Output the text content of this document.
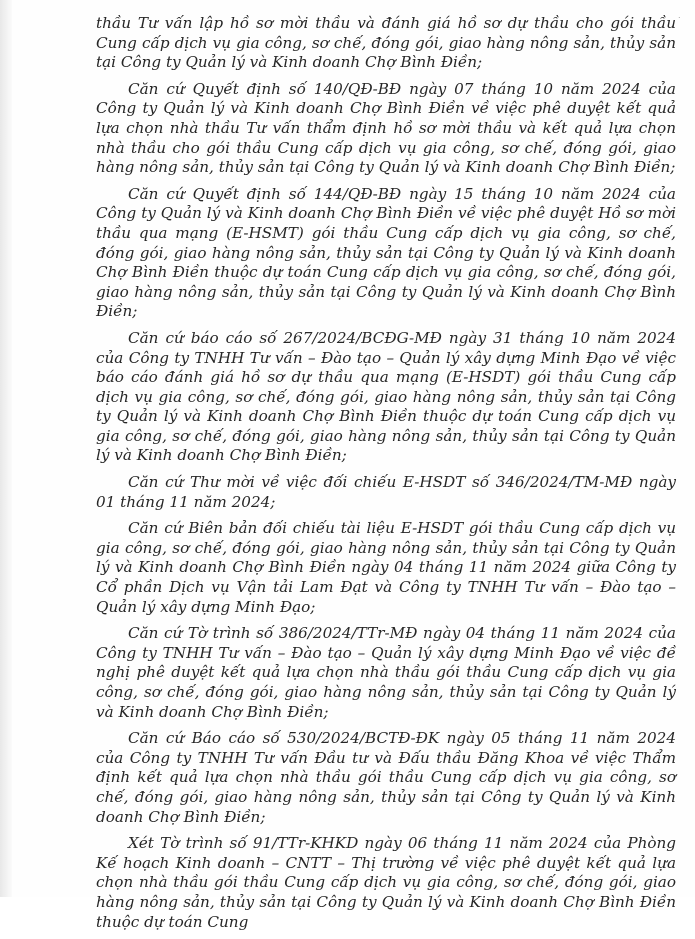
.

thầu Tư vấn lập hồ sơ mời thầu và đánh giá hồ sơ dự thầu cho gói thầu Cung cấp dịch vụ gia công, sơ chế, đóng gói, giao hàng nông sản, thủy sản tại Công ty Quản lý và Kinh doanh Chợ Bình Điền;

Căn cứ Quyết định số 140/QĐ-BĐ ngày 07 tháng 10 năm 2024 của Công ty Quản lý và Kinh doanh Chợ Bình Điền về việc phê duyệt kết quả lựa chọn nhà thầu Tư vấn thẩm định hồ sơ mời thầu và kết quả lựa chọn nhà thầu cho gói thầu Cung cấp dịch vụ gia công, sơ chế, đóng gói, giao hàng nông sản, thủy sản tại Công ty Quản lý và Kinh doanh Chợ Bình Điền;

Căn cứ Quyết định số 144/QĐ-BĐ ngày 15 tháng 10 năm 2024 của Công ty Quản lý và Kinh doanh Chợ Bình Điền về việc phê duyệt Hồ sơ mời thầu qua mạng (E-HSMT) gói thầu Cung cấp dịch vụ gia công, sơ chế, đóng gói, giao hàng nông sản, thủy sản tại Công ty Quản lý và Kinh doanh Chợ Bình Điền thuộc dự toán Cung cấp dịch vụ gia công, sơ chế, đóng gói, giao hàng nông sản, thủy sản tại Công ty Quản lý và Kinh doanh Chợ Bình Điền;

Căn cứ báo cáo số 267/2024/BCĐG-MĐ ngày 31 tháng 10 năm 2024 của Công ty TNHH Tư vấn – Đào tạo – Quản lý xây dựng Minh Đạo về việc báo cáo đánh giá hồ sơ dự thầu qua mạng (E-HSDT) gói thầu Cung cấp dịch vụ gia công, sơ chế, đóng gói, giao hàng nông sản, thủy sản tại Công ty Quản lý và Kinh doanh Chợ Bình Điền thuộc dự toán Cung cấp dịch vụ gia công, sơ chế, đóng gói, giao hàng nông sản, thủy sản tại Công ty Quản lý và Kinh doanh Chợ Bình Điền;

Căn cứ Thư mời về việc đối chiếu E-HSDT số 346/2024/TM-MĐ ngày 01 tháng 11 năm 2024;

Căn cứ Biên bản đối chiếu tài liệu E-HSDT gói thầu Cung cấp dịch vụ gia công, sơ chế, đóng gói, giao hàng nông sản, thủy sản tại Công ty Quản lý và Kinh doanh Chợ Bình Điền ngày 04 tháng 11 năm 2024 giữa Công ty Cổ phần Dịch vụ Vận tải Lam Đạt và Công ty TNHH Tư vấn – Đào tạo – Quản lý xây dựng Minh Đạo;

Căn cứ Tờ trình số 386/2024/TTr-MĐ ngày 04 tháng 11 năm 2024 của Công ty TNHH Tư vấn – Đào tạo – Quản lý xây dựng Minh Đạo về việc đề nghị phê duyệt kết quả lựa chọn nhà thầu gói thầu Cung cấp dịch vụ gia công, sơ chế, đóng gói, giao hàng nông sản, thủy sản tại Công ty Quản lý và Kinh doanh Chợ Bình Điền;

Căn cứ Báo cáo số 530/2024/BCTĐ-ĐK ngày 05 tháng 11 năm 2024 của Công ty TNHH Tư vấn Đầu tư và Đấu thầu Đăng Khoa về việc Thẩm định kết quả lựa chọn nhà thầu gói thầu Cung cấp dịch vụ gia công, sơ chế, đóng gói, giao hàng nông sản, thủy sản tại Công ty Quản lý và Kinh doanh Chợ Bình Điền;

Xét Tờ trình số 91/TTr-KHKD ngày 06 tháng 11 năm 2024 của Phòng Kế hoạch Kinh doanh – CNTT – Thị trường về việc phê duyệt kết quả lựa chọn nhà thầu gói thầu Cung cấp dịch vụ gia công, sơ chế, đóng gói, giao hàng nông sản, thủy sản tại Công ty Quản lý và Kinh doanh Chợ Bình Điền thuộc dự toán Cung
